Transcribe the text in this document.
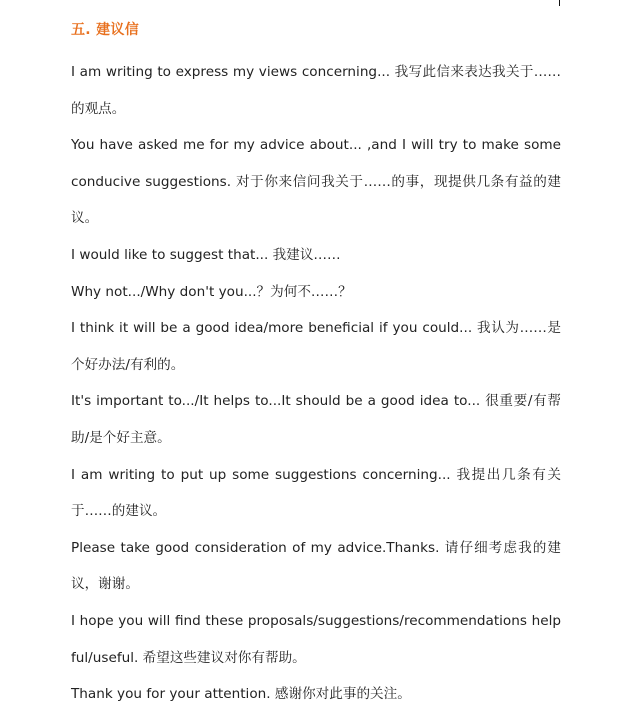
五. 建议信

I am writing to express my views concerning... 我写此信来表达我关于……的观点。

You have asked me for my advice about... ,and I will try to make some conducive suggestions. 对于你来信问我关于……的事，现提供几条有益的建议。

I would like to suggest that... 我建议……

Why not.../Why don't you...？为何不……？

I think it will be a good idea/more beneficial if you could... 我认为……是个好办法/有利的。

It's important to.../It helps to...It should be a good idea to... 很重要/有帮助/是个好主意。

I am writing to put up some suggestions concerning... 我提出几条有关于……的建议。

Please take good consideration of my advice.Thanks. 请仔细考虑我的建议，谢谢。

I hope you will find these proposals/suggestions/recommendations helpful/useful. 希望这些建议对你有帮助。

Thank you for your attention. 感谢你对此事的关注。
